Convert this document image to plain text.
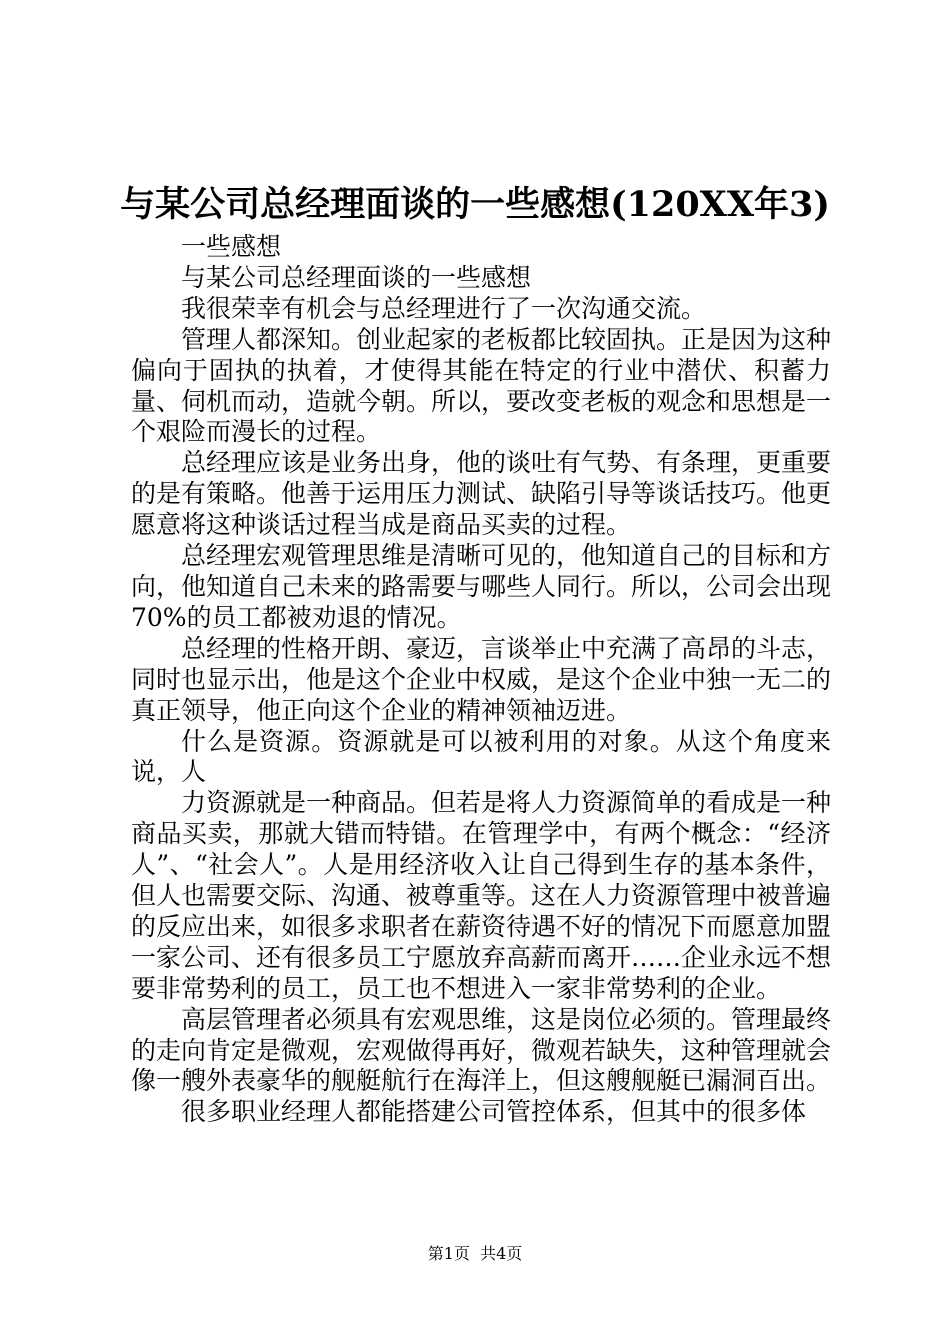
与某公司总经理面谈的一些感想(120XX年3)

一些感想

与某公司总经理面谈的一些感想

我很荣幸有机会与总经理进行了一次沟通交流。

管理人都深知。创业起家的老板都比较固执。正是因为这种偏向于固执的执着，才使得其能在特定的行业中潜伏、积蓄力量、伺机而动，造就今朝。所以，要改变老板的观念和思想是一个艰险而漫长的过程。

总经理应该是业务出身，他的谈吐有气势、有条理，更重要的是有策略。他善于运用压力测试、缺陷引导等谈话技巧。他更愿意将这种谈话过程当成是商品买卖的过程。

总经理宏观管理思维是清晰可见的，他知道自己的目标和方向，他知道自己未来的路需要与哪些人同行。所以，公司会出现70%的员工都被劝退的情况。

总经理的性格开朗、豪迈，言谈举止中充满了高昂的斗志，同时也显示出，他是这个企业中权威，是这个企业中独一无二的真正领导，他正向这个企业的精神领袖迈进。

什么是资源。资源就是可以被利用的对象。从这个角度来说，人

力资源就是一种商品。但若是将人力资源简单的看成是一种商品买卖，那就大错而特错。在管理学中，有两个概念：“经济人”、“社会人”。人是用经济收入让自己得到生存的基本条件，但人也需要交际、沟通、被尊重等。这在人力资源管理中被普遍的反应出来，如很多求职者在薪资待遇不好的情况下而愿意加盟一家公司、还有很多员工宁愿放弃高薪而离开……企业永远不想要非常势利的员工，员工也不想进入一家非常势利的企业。

高层管理者必须具有宏观思维，这是岗位必须的。管理最终的走向肯定是微观，宏观做得再好，微观若缺失，这种管理就会像一艘外表豪华的舰艇航行在海洋上，但这艘舰艇已漏洞百出。

很多职业经理人都能搭建公司管控体系，但其中的很多体

第1页 共4页
